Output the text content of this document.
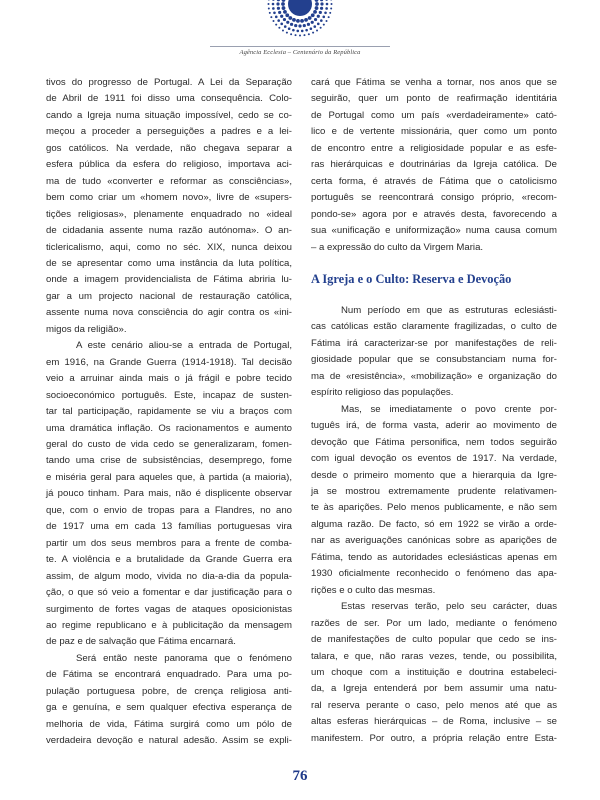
Agência Ecclesia – Centenário da República

tivos do progresso de Portugal. A Lei da Separação

de Abril de 1911 foi disso uma consequência. Colo-

cando a Igreja numa situação impossível, cedo se co-

meçou a proceder a perseguições a padres e a lei-

gos católicos. Na verdade, não chegava separar a

esfera pública da esfera do religioso, importava aci-

ma de tudo «converter e reformar as consciências»,

bem como criar um «homem novo», livre de «supers-

tições religiosas», plenamente enquadrado no «ideal

de cidadania assente numa razão autónoma». O an-

ticlericalismo, aqui, como no séc. XIX, nunca deixou

de se apresentar como uma instância da luta política,

onde a imagem providencialista de Fátima abriria lu-

gar a um projecto nacional de restauração católica,

assente numa nova consciência do agir contra os «ini-

migos da religião».

A este cenário aliou-se a entrada de Portugal,

em 1916, na Grande Guerra (1914-1918). Tal decisão

veio a arruinar ainda mais o já frágil e pobre tecido

socioeconómico português. Este, incapaz de susten-

tar tal participação, rapidamente se viu a braços com

uma dramática inflação. Os racionamentos e aumento

geral do custo de vida cedo se generalizaram, fomen-

tando uma crise de subsistências, desemprego, fome

e miséria geral para aqueles que, à partida (a maioria),

já pouco tinham. Para mais, não é displicente observar

que, com o envio de tropas para a Flandres, no ano

de 1917 uma em cada 13 famílias portuguesas vira

partir um dos seus membros para a frente de comba-

te. A violência e a brutalidade da Grande Guerra era

assim, de algum modo, vivida no dia-a-dia da popula-

ção, o que só veio a fomentar e dar justificação para o

surgimento de fortes vagas de ataques oposicionistas

ao regime republicano e à publicitação da mensagem

de paz e de salvação que Fátima encarnará.

Será então neste panorama que o fenómeno

de Fátima se encontrará enquadrado. Para uma po-

pulação portuguesa pobre, de crença religiosa anti-

ga e genuína, e sem qualquer efectiva esperança de

melhoria de vida, Fátima surgirá como um pólo de

verdadeira devoção e natural adesão. Assim se expli-

cará que Fátima se venha a tornar, nos anos que se

seguirão, quer um ponto de reafirmação identitária

de Portugal como um país «verdadeiramente» cató-

lico e de vertente missionária, quer como um ponto

de encontro entre a religiosidade popular e as esfe-

ras hierárquicas e doutrinárias da Igreja católica. De

certa forma, é através de Fátima que o catolicismo

português se reencontrará consigo próprio, «recom-

pondo-se» agora por e através desta, favorecendo a

sua «unificação e uniformização» numa causa comum

– a expressão do culto da Virgem Maria.

A Igreja e o Culto: Reserva e Devoção

Num período em que as estruturas eclesiásti-

cas católicas estão claramente fragilizadas, o culto de

Fátima irá caracterizar-se por manifestações de reli-

giosidade popular que se consubstanciam numa for-

ma de «resistência», «mobilização» e organização do

espírito religioso das populações.

Mas, se imediatamente o povo crente por-

tuguês irá, de forma vasta, aderir ao movimento de

devoção que Fátima personifica, nem todos seguirão

com igual devoção os eventos de 1917. Na verdade,

desde o primeiro momento que a hierarquia da Igre-

ja se mostrou extremamente prudente relativamen-

te às aparições. Pelo menos publicamente, e não sem

alguma razão. De facto, só em 1922 se virão a orde-

nar as averiguações canónicas sobre as aparições de

Fátima, tendo as autoridades eclesiásticas apenas em

1930 oficialmente reconhecido o fenómeno das apa-

rições e o culto das mesmas.

Estas reservas terão, pelo seu carácter, duas

razões de ser. Por um lado, mediante o fenómeno

de manifestações de culto popular que cedo se ins-

talara, e que, não raras vezes, tende, ou possibilita,

um choque com a instituição e doutrina estabeleci-

da, a Igreja entenderá por bem assumir uma natu-

ral reserva perante o caso, pelo menos até que as

altas esferas hierárquicas – de Roma, inclusive – se

manifestem. Por outro, a própria relação entre Esta-

76
